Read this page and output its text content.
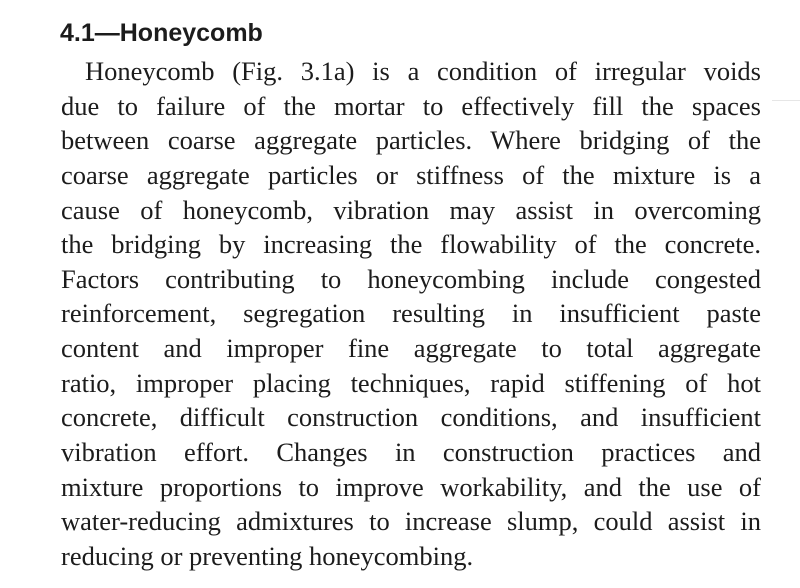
4.1—Honeycomb
Honeycomb (Fig. 3.1a) is a condition of irregular voids
due to failure of the mortar to effectively fill the spaces
between coarse aggregate particles. Where bridging of the
coarse aggregate particles or stiffness of the mixture is a
cause of honeycomb, vibration may assist in overcoming
the bridging by increasing the flowability of the concrete.
Factors contributing to honeycombing include congested
reinforcement, segregation resulting in insufficient paste
content and improper fine aggregate to total aggregate
ratio, improper placing techniques, rapid stiffening of hot
concrete, difficult construction conditions, and insufficient
vibration effort. Changes in construction practices and
mixture proportions to improve workability, and the use of
water-reducing admixtures to increase slump, could assist in
reducing or preventing honeycombing.
